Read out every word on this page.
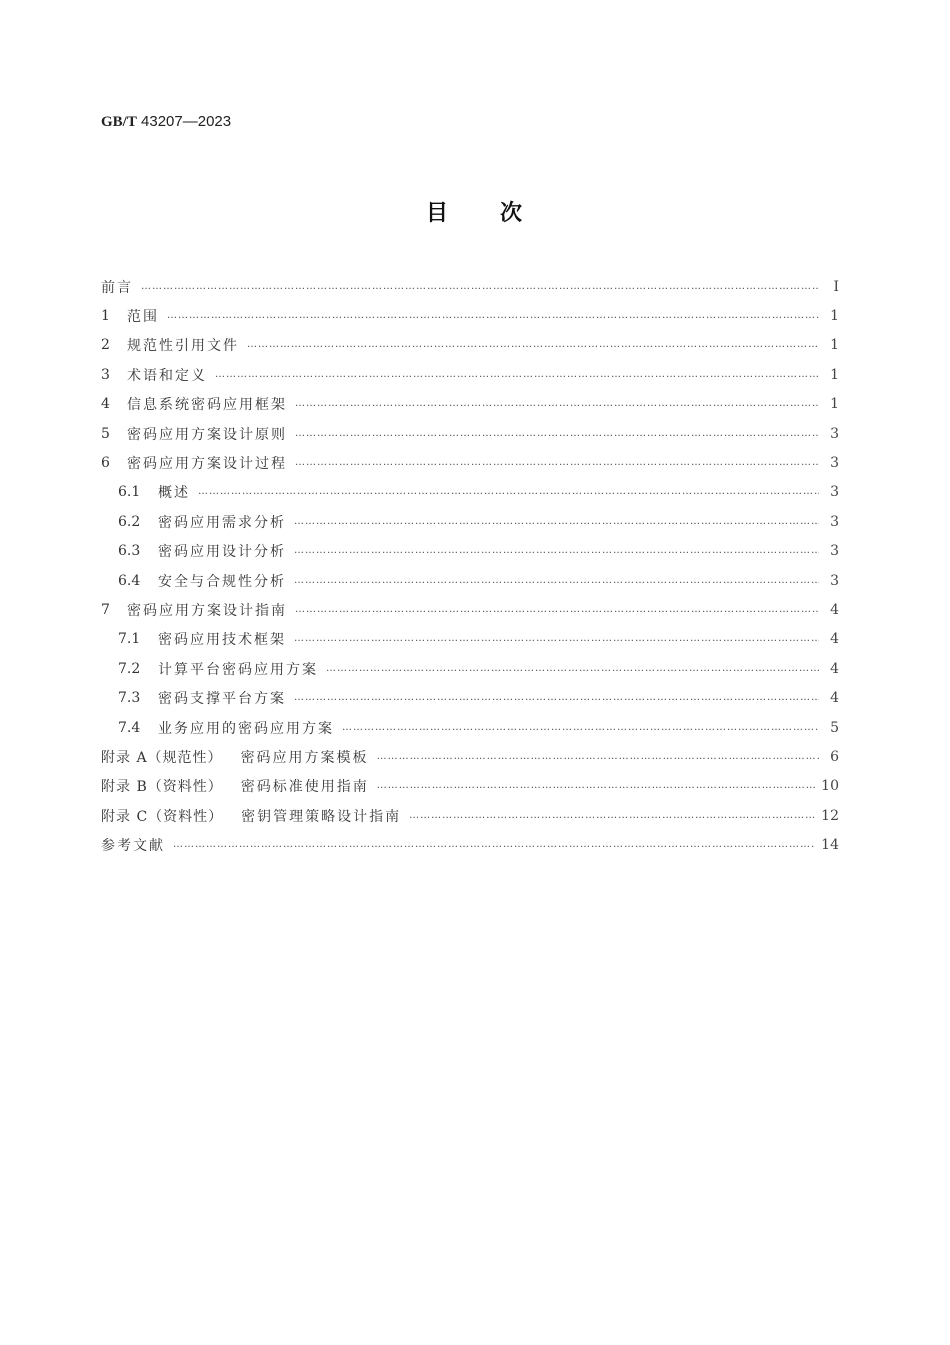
GB/T 43207—2023
目 次
前言 ……………………………………………………………………………………………………………………………………………………………………………………………………………………	Ⅰ
1	范围 ……………………………………………………………………………………………………………………………………………………………………………………………………………………	1
2	规范性引用文件 ……………………………………………………………………………………………………………………………………………………………………………………………………………………	1
3	术语和定义 ……………………………………………………………………………………………………………………………………………………………………………………………………………………	1
4	信息系统密码应用框架 ……………………………………………………………………………………………………………………………………………………………………………………………………………………	1
5	密码应用方案设计原则 ……………………………………………………………………………………………………………………………………………………………………………………………………………………	3
6	密码应用方案设计过程 ……………………………………………………………………………………………………………………………………………………………………………………………………………………	3
6.1	概述 ……………………………………………………………………………………………………………………………………………………………………………………………………………………	3
6.2	密码应用需求分析 ……………………………………………………………………………………………………………………………………………………………………………………………………………………	3
6.3	密码应用设计分析 ……………………………………………………………………………………………………………………………………………………………………………………………………………………	3
6.4	安全与合规性分析 ……………………………………………………………………………………………………………………………………………………………………………………………………………………	3
7	密码应用方案设计指南 ……………………………………………………………………………………………………………………………………………………………………………………………………………………	4
7.1	密码应用技术框架 ……………………………………………………………………………………………………………………………………………………………………………………………………………………	4
7.2	计算平台密码应用方案 ……………………………………………………………………………………………………………………………………………………………………………………………………………………	4
7.3	密码支撑平台方案 ……………………………………………………………………………………………………………………………………………………………………………………………………………………	4
7.4	业务应用的密码应用方案 ……………………………………………………………………………………………………………………………………………………………………………………………………………………	5
附录 A（规范性） 密码应用方案模板 ……………………………………………………………………………………………………………………………………………………………………………………………………………………	6
附录 B（资料性） 密码标准使用指南 ……………………………………………………………………………………………………………………………………………………………………………………………………………………	10
附录 C（资料性） 密钥管理策略设计指南 ……………………………………………………………………………………………………………………………………………………………………………………………………………………	12
参考文献 ……………………………………………………………………………………………………………………………………………………………………………………………………………………	14
